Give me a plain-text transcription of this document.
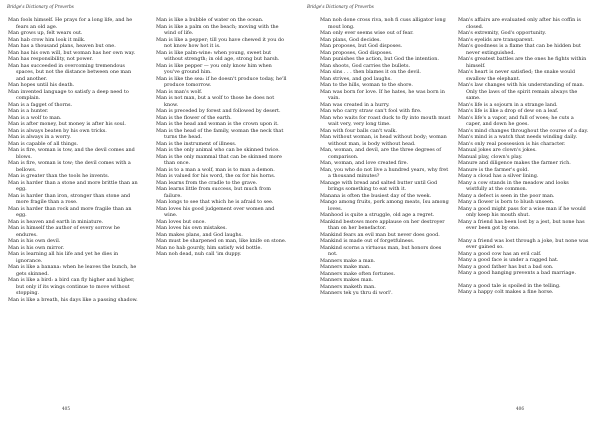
Bridge's Dictionary of Proverbs

Man fools himself. He prays for a long life, and he fears an old age.

Man grows up, felt wears out.

Man hab crow him look it milk.

Man has a thousand plans, heaven but one.

Man has his own will, but woman has her own way.

Man has responsibility, not power.

Man has succeeded in overcoming tremendous spaces, but not the distance between one man and another.

Man hopes until his death.

Man invented language to satisfy a deep need to complain.

Man is a fagget of thorns.

Man is a hunter.

Man is a wolf to man.

Man is after money, but money is after his soul.

Man is always beaten by his own tricks.

Man is always in a worry.

Man is capable of all things.

Man is fire, woman is tow, and the devil comes and blows.

Man is fire, woman is tow; the devil comes with a bellows.

Man is greater than the tools he invents.

Man is harder than a stone and more brittle than an egg.

Man is harder than iron, stronger than stone and more fragile than a rose.

Man is harder than rock and more fragile than an egg.

Man is heaven and earth in miniature.

Man is himself the author of every sorrow he endures.

Man is his own devil.

Man is his own mirror.

Man is learning all his life and yet he dies in ignorance.

Man is like a banana: when he leaves the bunch, he gets skinned.

Man is like a bird: a bird can fly higher and higher, but only if its wings continue to move without stopping.

Man is like a breath, his days like a passing shadow.

Man is like a bubble of water on the ocean.

Man is like a palm on the beach; moving with the wind of life.

Man is like a pepper; till you have chewed it you do not know how hot it is.

Man is like palm-wine: when young, sweet but without strength; in old age, strong but harsh.

Man is like pepper — you only know him when you've ground him.

Man is like the sea: if he doesn't produce today, he'll produce tomorrow.

Man is man's wolf.

Man is not man, but a wolf to those he does not know.

Man is preceded by forest and followed by desert.

Man is the flower of the earth.

Man is the head and woman is the crown upon it.

Man is the head of the family, woman the neck that turns the head.

Man is the instrument of illness.

Man is the only animal who can be skinned twice.

Man is the only mammal that can be skinned more than once.

Man is to a man a wolf, man is to man a demon.

Man is valued for his word, the ox for his horns.

Man learns from the cradle to the grave.

Man learns little from success, but much from failure.

Man longs to see that which he is afraid to see.

Man loves his good judgement over women and wine.

Man loves but once.

Man loves his own mistakes.

Man makes plans, and God laughs.

Man must be sharpened on man, like knife on stone.

Man no hab gourdy, him satisfy wid bottle.

Man noh dead, nuh call 'im duppy.

405
Bridge's Dictionary of Proverbs

Man noh done cross riva, noh fi cuss alligator long mout long.

Man only ever seems wise out of fear.

Man plans, God decides.

Man proposes, but God disposes.

Man proposes, God disposes.

Man punishes the action, but God the intention.

Man shoots, God carries the bullets.

Man sins . . . then blames it on the devil.

Man strives, and god laughs.

Man to the hills, woman to the shore.

Man was born for love. If he hates, he was born in vain.

Man was created in a hurry.

Man who carry straw can't fool with fire.

Man who waits for roast duck to fly into mouth must wait very, very long time.

Man with four balls can't walk.

Man without woman, is head without body; woman without man, is body without head.

Man, woman, and devil, are the three degrees of comparison.

Man, woman, and love created fire.

Man, you who do not live a hundred years, why fret a thousand minutes?

Manage with bread and salted butter until God brings something to eat with it.

Manana is often the busiest day of the week.

Mango among fruits, pork among meats, Isu among loves.

Manhood is quite a struggle, old age a regret.

Mankind bestows more applause on her destroyer than on her benefactor.

Mankind fears an evil man but never does good.

Mankind is made out of forgetfulness.

Mankind scorns a virtuous man, but honors does not.

Manners make a man.

Manners make man.

Manners make often fortunes.

Manners makes man.

Manners maketh man.

Manners tek yu thru di worl'.

Man's affairs are evaluated only after his coffin is closed.

Man's extremity, God's opportunity.

Man's eyelids are transparent.

Man's goodness is a flame that can be hidden but never extinguished.

Man's greatest battles are the ones he fights within himself.

Man's heart is never satisfied; the snake would swallow the elephant.

Man's law changes with his understanding of man. Only the laws of the spirit remain always the same.

Man's life is a sojourn in a strange land.

Man's life is like a drop of dew on a leaf.

Man's life's a vapor, and full of woes; he cuts a caper, and down he goes.

Man's mind changes throughout the course of a day.

Man's mind is a watch that needs winding daily.

Man's only real possession is his character.

Manual jokes are clown's jokes.

Manual play, clown's play.

Manure and diligence makes the farmer rich.

Manure is the farmer's gold.

Many a cloud has a silver lining.

Many a cow stands in the meadow and looks wistfully at the common.

Many a defect is seen in the poor man.

Many a flower is born to blush unseen.

Many a good might pass for a wise man if he would only keep his mouth shut.

Many a friend has been lost by a jest, but none has ever been got by one.

Many a friend was lost through a joke, but none was ever gained so.

Many a good cow has an evil calf.

Many a good face is under a ragged hat.

Many a good father has but a bad son.

Many a good hanging prevents a bad marriage.

Many a good tale is spoiled in the telling.

Many a happy colt makes a fine horse.

406
